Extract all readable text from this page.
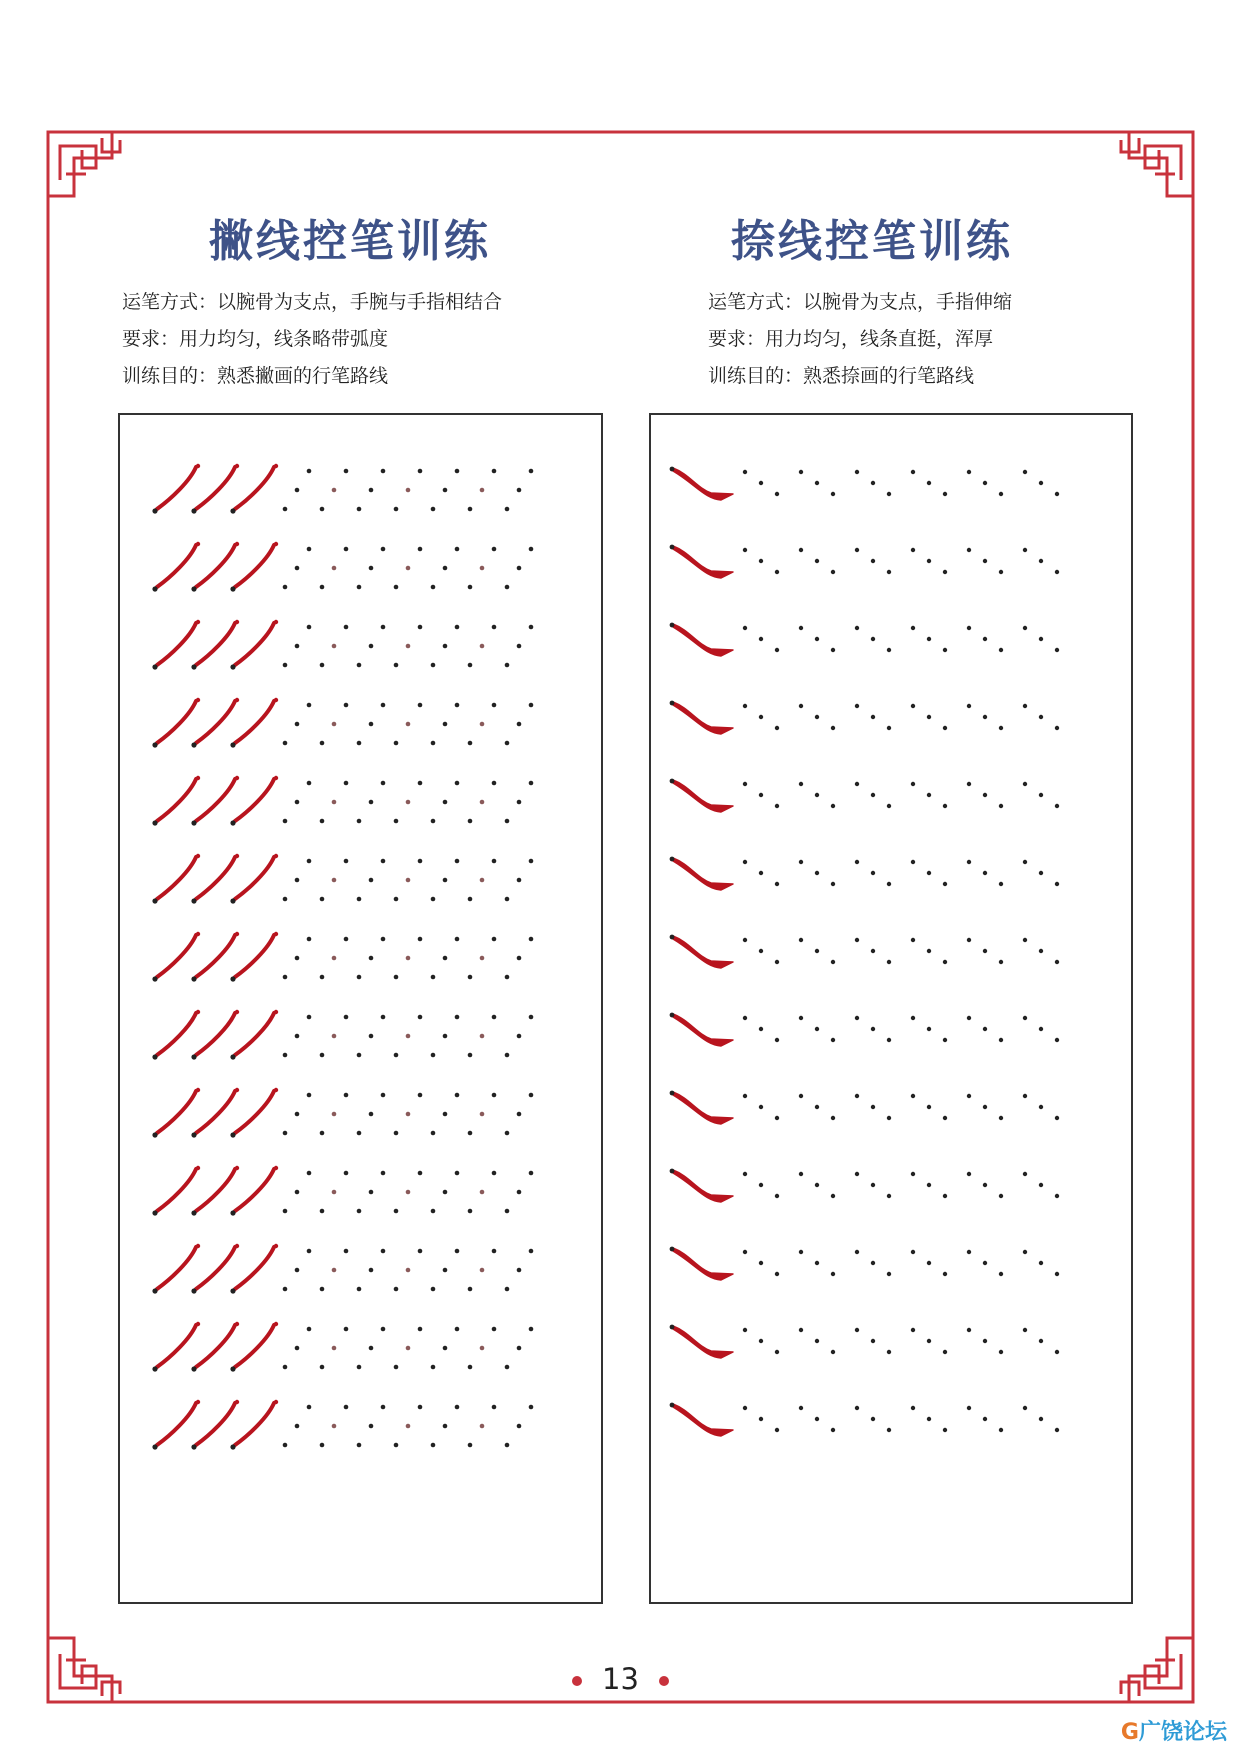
撇线控笔训练
运笔方式：以腕骨为支点，手腕与手指相结合
要求：用力均匀，线条略带弧度
训练目的：熟悉撇画的行笔路线
捺线控笔训练
运笔方式：以腕骨为支点，手指伸缩
要求：用力均匀，线条直挺，浑厚
训练目的：熟悉捺画的行笔路线
13
G广饶论坛
